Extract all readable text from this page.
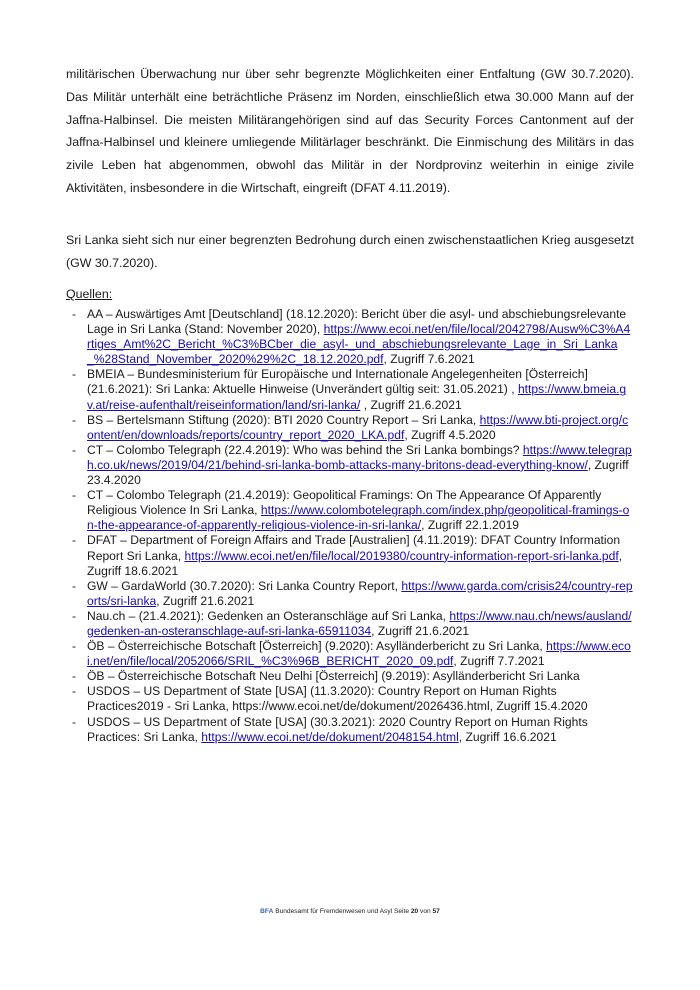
militärischen Überwachung nur über sehr begrenzte Möglichkeiten einer Entfaltung (GW 30.7.2020). Das Militär unterhält eine beträchtliche Präsenz im Norden, einschließlich etwa 30.000 Mann auf der Jaffna-Halbinsel. Die meisten Militärangehörigen sind auf das Security Forces Cantonment auf der Jaffna-Halbinsel und kleinere umliegende Militärlager beschränkt. Die Einmischung des Militärs in das zivile Leben hat abgenommen, obwohl das Militär in der Nordprovinz weiterhin in einige zivile Aktivitäten, insbesondere in die Wirtschaft, eingreift (DFAT 4.11.2019).

Sri Lanka sieht sich nur einer begrenzten Bedrohung durch einen zwischenstaatlichen Krieg ausgesetzt (GW 30.7.2020).

Quellen:
- AA – Auswärtiges Amt [Deutschland] (18.12.2020): Bericht über die asyl- und abschiebungsrelevante Lage in Sri Lanka (Stand: November 2020), https://www.ecoi.net/en/file/local/2042798/Ausw%C3%A4rtiges_Amt%2C_Bericht_%C3%BCber_die_asyl-_und_abschiebungsrelevante_Lage_in_Sri_Lanka_%28Stand_November_2020%29%2C_18.12.2020.pdf, Zugriff 7.6.2021
- BMEIA – Bundesministerium für Europäische und Internationale Angelegenheiten [Österreich] (21.6.2021): Sri Lanka: Aktuelle Hinweise (Unverändert gültig seit: 31.05.2021) , https://www.bmeia.gv.at/reise-aufenthalt/reiseinformation/land/sri-lanka/ , Zugriff 21.6.2021
- BS – Bertelsmann Stiftung (2020): BTI 2020 Country Report – Sri Lanka, https://www.bti-project.org/content/en/downloads/reports/country_report_2020_LKA.pdf, Zugriff 4.5.2020
- CT – Colombo Telegraph (22.4.2019): Who was behind the Sri Lanka bombings? https://www.telegraph.co.uk/news/2019/04/21/behind-sri-lanka-bomb-attacks-many-britons-dead-everything-know/, Zugriff 23.4.2020
- CT – Colombo Telegraph (21.4.2019): Geopolitical Framings: On The Appearance Of Apparently Religious Violence In Sri Lanka, https://www.colombotelegraph.com/index.php/geopolitical-framings-on-the-appearance-of-apparently-religious-violence-in-sri-lanka/, Zugriff 22.1.2019
- DFAT – Department of Foreign Affairs and Trade [Australien] (4.11.2019): DFAT Country Information Report Sri Lanka, https://www.ecoi.net/en/file/local/2019380/country-information-report-sri-lanka.pdf, Zugriff 18.6.2021
- GW – GardaWorld (30.7.2020): Sri Lanka Country Report, https://www.garda.com/crisis24/country-reports/sri-lanka, Zugriff 21.6.2021
- Nau.ch – (21.4.2021): Gedenken an Osteranschläge auf Sri Lanka, https://www.nau.ch/news/ausland/gedenken-an-osteranschlage-auf-sri-lanka-65911034, Zugriff 21.6.2021
- ÖB – Österreichische Botschaft [Österreich] (9.2020): Asylländerbericht zu Sri Lanka, https://www.ecoi.net/en/file/local/2052066/SRIL_%C3%96B_BERICHT_2020_09.pdf, Zugriff 7.7.2021
- ÖB – Österreichische Botschaft Neu Delhi [Österreich] (9.2019): Asylländerbericht Sri Lanka
- USDOS – US Department of State [USA] (11.3.2020): Country Report on Human Rights Practices2019 - Sri Lanka, https://www.ecoi.net/de/dokument/2026436.html, Zugriff 15.4.2020
- USDOS – US Department of State [USA] (30.3.2021): 2020 Country Report on Human Rights Practices: Sri Lanka, https://www.ecoi.net/de/dokument/2048154.html, Zugriff 16.6.2021
BFA Bundesamt für Fremdenwesen und Asyl Seite 20 von 57
